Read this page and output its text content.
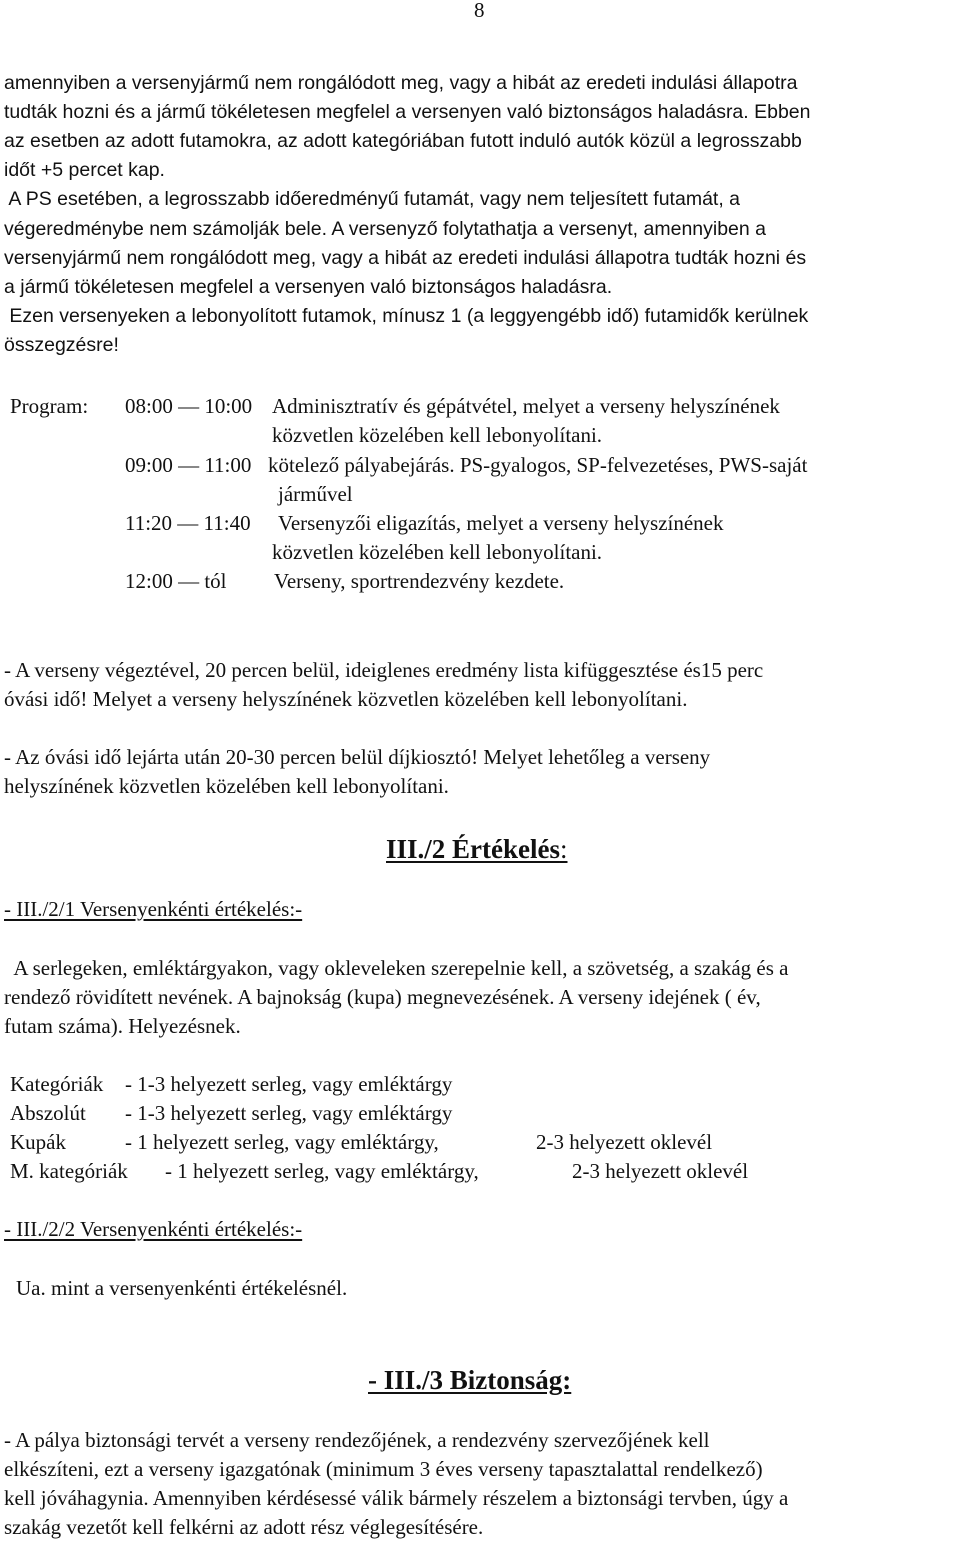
8
amennyiben a versenyjármű nem rongálódott meg, vagy a hibát az eredeti indulási állapotra
tudták hozni és a jármű tökéletesen megfelel a versenyen való biztonságos haladásra. Ebben
az esetben az adott futamokra, az adott kategóriában futott induló autók közül a legrosszabb
időt +5 percet kap.
A PS esetében, a legrosszabb időeredményű futamát, vagy nem teljesített futamát, a
végeredménybe nem számolják bele. A versenyző folytathatja a versenyt, amennyiben a
versenyjármű nem rongálódott meg, vagy a hibát az eredeti indulási állapotra tudták hozni és
a jármű tökéletesen megfelel a versenyen való biztonságos haladásra.
Ezen versenyeken a lebonyolított futamok, mínusz 1 (a leggyengébb idő) futamidők kerülnek
összegzésre!
Program: 08:00 — 10:00 Adminisztratív és gépátvétel, melyet a verseny helyszínének
közvetlen közelében kell lebonyolítani.
09:00 — 11:00 kötelező pályabejárás. PS-gyalogos, SP-felvezetéses, PWS-saját
járművel
11:20 — 11:40 Versenyzői eligazítás, melyet a verseny helyszínének
közvetlen közelében kell lebonyolítani.
12:00 — tól Verseny, sportrendezvény kezdete.
- A verseny végeztével, 20 percen belül, ideiglenes eredmény lista kifüggesztése és15 perc
óvási idő! Melyet a verseny helyszínének közvetlen közelében kell lebonyolítani.
- Az óvási idő lejárta után 20-30 percen belül díjkiosztó! Melyet lehetőleg a verseny
helyszínének közvetlen közelében kell lebonyolítani.
III./2 Értékelés:
- III./2/1 Versenyenkénti értékelés:-
A serlegeken, emléktárgyakon, vagy okleveleken szerepelnie kell, a szövetség, a szakág és a
rendező rövidített nevének. A bajnokság (kupa) megnevezésének. A verseny idejének ( év,
futam száma). Helyezésnek.
Kategóriák - 1-3 helyezett serleg, vagy emléktárgy
Abszolút - 1-3 helyezett serleg, vagy emléktárgy
Kupák	- 1 helyezett serleg, vagy emléktárgy,	2-3 helyezett oklevél
M. kategóriák - 1 helyezett serleg, vagy emléktárgy,	2-3 helyezett oklevél
- III./2/2 Versenyenkénti értékelés:-
Ua. mint a versenyenkénti értékelésnél.
- III./3 Biztonság:
- A pálya biztonsági tervét a verseny rendezőjének, a rendezvény szervezőjének kell
elkészíteni, ezt a verseny igazgatónak (minimum 3 éves verseny tapasztalattal rendelkező)
kell jóváhagynia. Amennyiben kérdésessé válik bármely részelem a biztonsági tervben, úgy a
szakág vezetőt kell felkérni az adott rész véglegesítésére.
